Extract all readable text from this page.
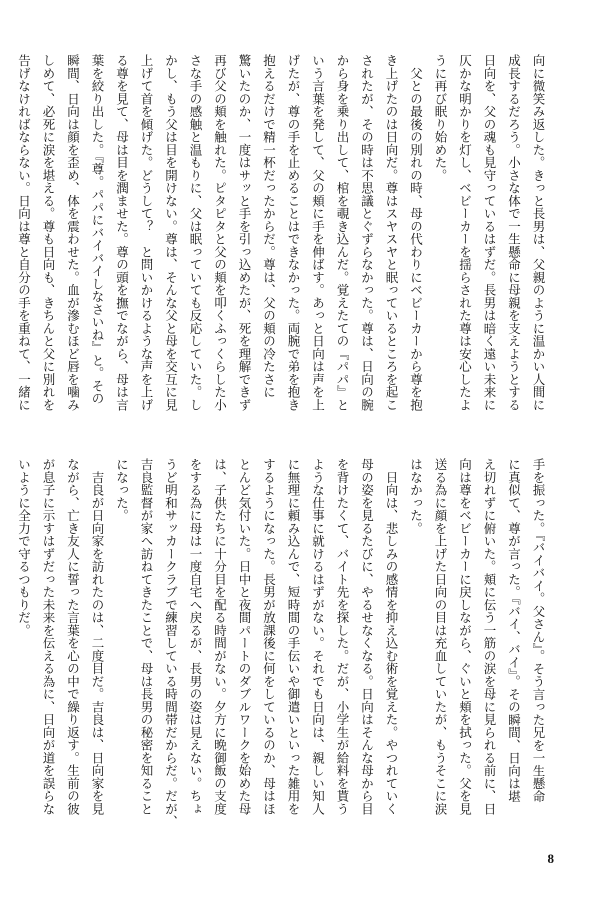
向に微笑み返した。きっと長男は、父親のように温かい人間に
成長するだろう。小さな体で一生懸命に母親を支えようとする
日向を、父の魂も見守っているはずだ。長男は暗く遠い未来に
仄かな明かりを灯し、ベビーカーを揺らされた尊は安心したよ
うに再び眠り始めた。
　父との最後の別れの時、母の代わりにベビーカーから尊を抱
き上げたのは日向だ。尊はスヤスヤと眠っているところを起こ
されたが、その時は不思議とぐずらなかった。尊は、日向の腕
から身を乗り出して、棺を覗き込んだ。覚えたての『パパ』と
いう言葉を発して、父の頬に手を伸ばす。あっと日向は声を上
げたが、尊の手を止めることはできなかった。両腕で弟を抱き
抱えるだけで精一杯だったからだ。尊は、父の頬の冷たさに
驚いたのか、一度はサッと手を引っ込めたが、死を理解できず
再び父の頬を触れた。ピタピタと父の頬を叩くふっくらした小
さな手の感触と温もりに、父は眠っていても反応していた。し
かし、もう父は目を開けない。尊は、そんな父と母を交互に見
上げて首を傾げた。どうして？　と問いかけるような声を上げ
る尊を見て、母は目を潤ませた。尊の頭を撫でながら、母は言
葉を絞り出した。『尊。パパにバイバイしなさいね』と。その
瞬間、日向は顔を歪め、体を震わせた。血が滲むほど唇を噛み
しめて、必死に涙を堪える。尊も日向も、きちんと父に別れを
告げなければならない。日向は尊と自分の手を重ねて、一緒に
手を振った。『バイバイ。父さん』。そう言った兄を一生懸命
に真似て、尊が言った。『バイ、バイ』。その瞬間、日向は堪
え切れずに俯いた。頬に伝う一筋の涙を母に見られる前に、日
向は尊をベビーカーに戻しながら、ぐいと頬を拭った。父を見
送る為に顔を上げた日向の目は充血していたが、もうそこに涙
はなかった。
　日向は、悲しみの感情を抑え込む術を覚えた。やつれていく
母の姿を見るたびに、やるせなくなる。日向はそんな母から目
を背けたくて、バイト先を探した。だが、小学生が給料を貰う
ような仕事に就けるはずがない。それでも日向は、親しい知人
に無理に頼み込んで、短時間の手伝いや御遣いといった雑用を
するようになった。長男が放課後に何をしているのか、母はほ
とんど気付いた。日中と夜間パートのダブルワークを始めた母
は、子供たちに十分目を配る時間がない。夕方に晩御飯の支度
をする為に母は一度自宅へ戻るが、長男の姿は見えない。ちょ
うど明和サッカークラブで練習している時間帯だからだ。だが、
吉良監督が家へ訪ねてきたことで、母は長男の秘密を知ること
になった。
　吉良が日向家を訪れたのは、二度目だ。吉良は、日向家を見
ながら、亡き友人に誓った言葉を心の中で繰り返す。生前の彼
が息子に示すはずだった未来を伝える為に、日向が道を誤らな
いように全力で守るつもりだ。
8
